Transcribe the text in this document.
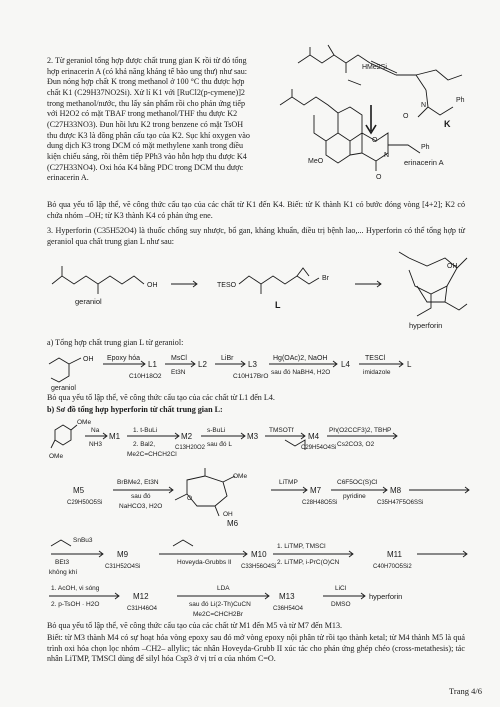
2. Từ geraniol tổng hợp được chất trung gian K rồi từ đó tổng hợp erinacerin A (có khả năng kháng tế bào ung thư) như sau: Đun nóng hợp chất K trong methanol ở 100 °C thu được hợp chất K1 (C29H37NO2Si). Xử lí K1 với [RuCl2(p-cymene)]2 trong methanol/nước, thu lấy sản phẩm rồi cho phản ứng tiếp với H2O2 có mặt TBAF trong methanol/THF thu được K2 (C27H33NO3). Đun hồi lưu K2 trong benzene có mặt TsOH thu được K3 là đồng phân cấu tạo của K2. Sục khí oxygen vào dung dịch K3 trong DCM có mặt methylene xanh trong điều kiện chiếu sáng, rồi thêm tiếp PPh3 vào hỗn hợp thu được K4 (C27H33NO4). Oxi hóa K4 bằng PDC trong DCM thu được erinacerin A.
HMe2Si
Ph
N
O
K
O
N
Ph
MeO
O
erinacerin A
Bỏ qua yếu tố lập thể, vẽ công thức cấu tạo của các chất từ K1 đến K4. Biết: từ K thành K1 có bước đóng vòng [4+2]; K2 có chứa nhóm –OH; từ K3 thành K4 có phản ứng ene.
3. Hyperforin (C35H52O4) là thuốc chống suy nhược, bổ gan, kháng khuẩn, điều trị bệnh lao,... Hyperforin có thể tổng hợp từ geraniol qua chất trung gian L như sau:
OH
geraniol
TESO
Br
L
OH
hyperforin
a) Tổng hợp chất trung gian L từ geraniol:
OH
geraniol
Epoxy hóa
L1
C10H18O2
MsCl
Et3N
L2
LiBr
L3
C10H17BrO
Hg(OAc)2, NaOH
sau đó NaBH4, H2O
L4
TESCl
imidazole
L
Bỏ qua yếu tố lập thể, vẽ công thức cấu tạo của các chất từ L1 đến L4.
b) Sơ đồ tổng hợp hyperforin từ chất trung gian L:
OMe
OMe
Na
NH3
M1
1. t-BuLi
2. Bal2,
Me2C=CHCH2Cl
M2
C13H20O2
s-BuLi
sau đó L
M3
TMSOTf
M4
C29H54O4Si
Ph(O2CCF3)2, TBHP
Cs2CO3, O2
M5
C29H50O5Si
BrBMe2, Et3N
sau đó
NaHCO3, H2O
OMe
OH
O
M6
LiTMP
M7
C28H48O5Si
C6F5OC(S)Cl
pyridine
M8
C35H47F5O6SSi
SnBu3
BEt3
không khí
M9
C31H52O4Si
Hoveyda-Grubbs II
M10
C33H56O4Si
1. LiTMP, TMSCl
2. LiTMP, i-PrC(O)CN
M11
C40H70O5Si2
1. AcOH, vi sóng
2. p-TsOH · H2O
M12
C31H46O4
LDA
sau đó Li(2-Th)CuCN
Me2C=CHCH2Br
M13
C36H54O4
LiCl
DMSO
hyperforin
Bỏ qua yếu tố lập thể, vẽ công thức cấu tạo của các chất từ M1 đến M5 và từ M7 đến M13.
Biết: từ M3 thành M4 có sự hoạt hóa vòng epoxy sau đó mở vòng epoxy nội phân tử rồi tạo thành ketal; từ M4 thành M5 là quá trình oxi hóa chọn lọc nhóm –CH2– allylic; tác nhân Hoveyda-Grubb II xúc tác cho phản ứng ghép chéo (cross-metathesis); tác nhân LiTMP, TMSCl dùng để silyl hóa Csp3 ở vị trí α của nhóm C=O.
Trang 4/6
